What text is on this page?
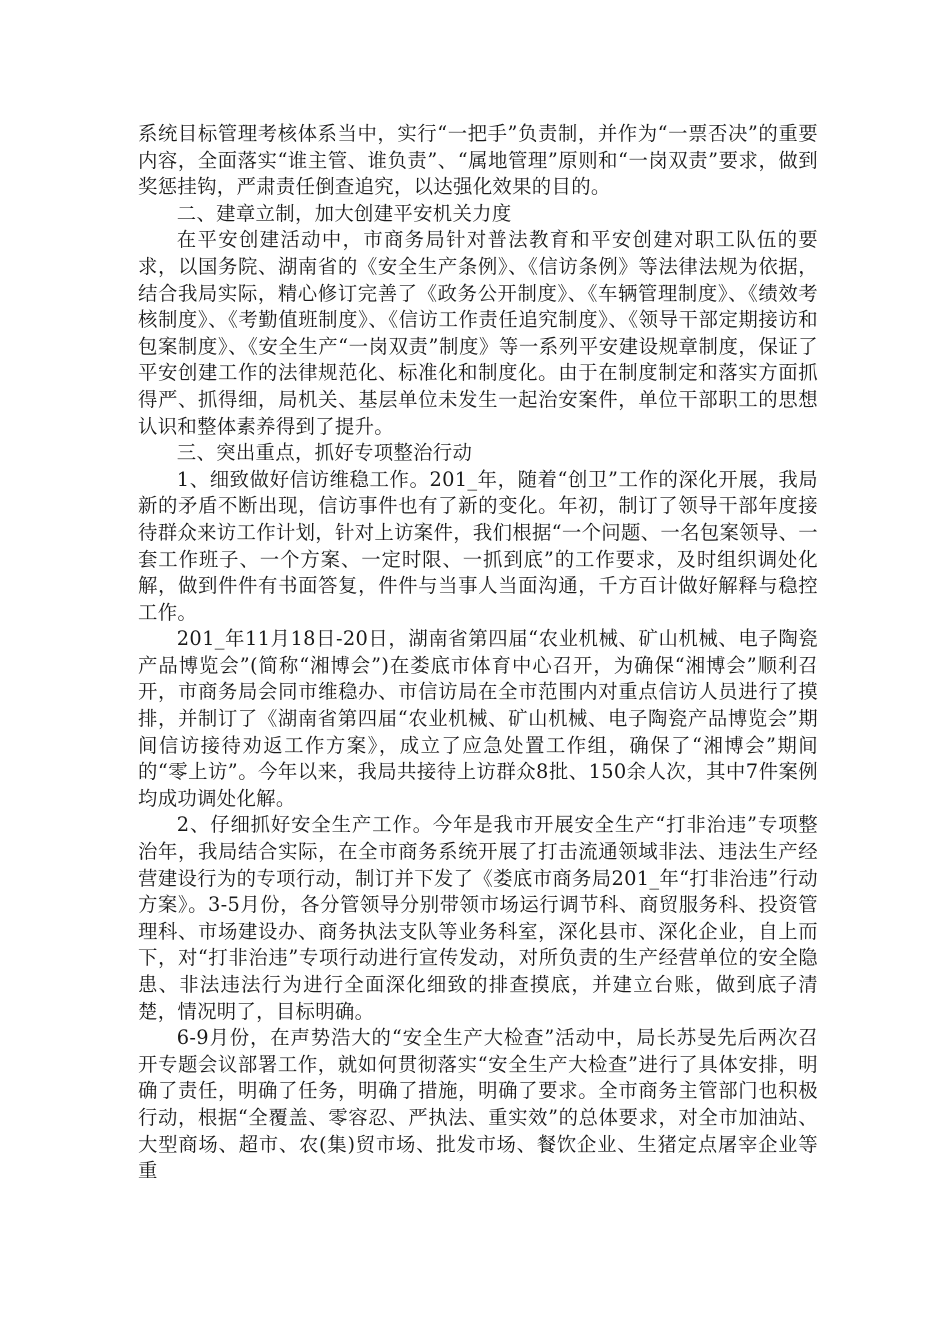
系统目标管理考核体系当中，实行“一把手”负责制，并作为“一票否决”的重要内容，全面落实“谁主管、谁负责”、“属地管理”原则和“一岗双责”要求，做到奖惩挂钩，严肃责任倒查追究，以达强化效果的目的。

二、建章立制，加大创建平安机关力度

在平安创建活动中，市商务局针对普法教育和平安创建对职工队伍的要求，以国务院、湖南省的《安全生产条例》、《信访条例》等法律法规为依据，结合我局实际，精心修订完善了《政务公开制度》、《车辆管理制度》、《绩效考核制度》、《考勤值班制度》、《信访工作责任追究制度》、《领导干部定期接访和包案制度》、《安全生产“一岗双责”制度》等一系列平安建设规章制度，保证了平安创建工作的法律规范化、标准化和制度化。由于在制度制定和落实方面抓得严、抓得细，局机关、基层单位未发生一起治安案件，单位干部职工的思想认识和整体素养得到了提升。

三、突出重点，抓好专项整治行动

1、细致做好信访维稳工作。201_年，随着“创卫”工作的深化开展，我局新的矛盾不断出现，信访事件也有了新的变化。年初，制订了领导干部年度接待群众来访工作计划，针对上访案件，我们根据“一个问题、一名包案领导、一套工作班子、一个方案、一定时限、一抓到底”的工作要求，及时组织调处化解，做到件件有书面答复，件件与当事人当面沟通，千方百计做好解释与稳控工作。

201_年11月18日-20日，湖南省第四届“农业机械、矿山机械、电子陶瓷产品博览会”(简称“湘博会”)在娄底市体育中心召开，为确保“湘博会”顺利召开，市商务局会同市维稳办、市信访局在全市范围内对重点信访人员进行了摸排，并制订了《湖南省第四届“农业机械、矿山机械、电子陶瓷产品博览会”期间信访接待劝返工作方案》，成立了应急处置工作组，确保了“湘博会”期间的“零上访”。今年以来，我局共接待上访群众8批、150余人次，其中7件案例均成功调处化解。

2、仔细抓好安全生产工作。今年是我市开展安全生产“打非治违”专项整治年，我局结合实际，在全市商务系统开展了打击流通领域非法、违法生产经营建设行为的专项行动，制订并下发了《娄底市商务局201_年“打非治违”行动方案》。3-5月份，各分管领导分别带领市场运行调节科、商贸服务科、投资管理科、市场建设办、商务执法支队等业务科室，深化县市、深化企业，自上而下，对“打非治违”专项行动进行宣传发动，对所负责的生产经营单位的安全隐患、非法违法行为进行全面深化细致的排查摸底，并建立台账，做到底子清楚，情况明了，目标明确。

6-9月份，在声势浩大的“安全生产大检查”活动中，局长苏旻先后两次召开专题会议部署工作，就如何贯彻落实“安全生产大检查”进行了具体安排，明确了责任，明确了任务，明确了措施，明确了要求。全市商务主管部门也积极行动，根据“全覆盖、零容忍、严执法、重实效”的总体要求，对全市加油站、大型商场、超市、农(集)贸市场、批发市场、餐饮企业、生猪定点屠宰企业等重
